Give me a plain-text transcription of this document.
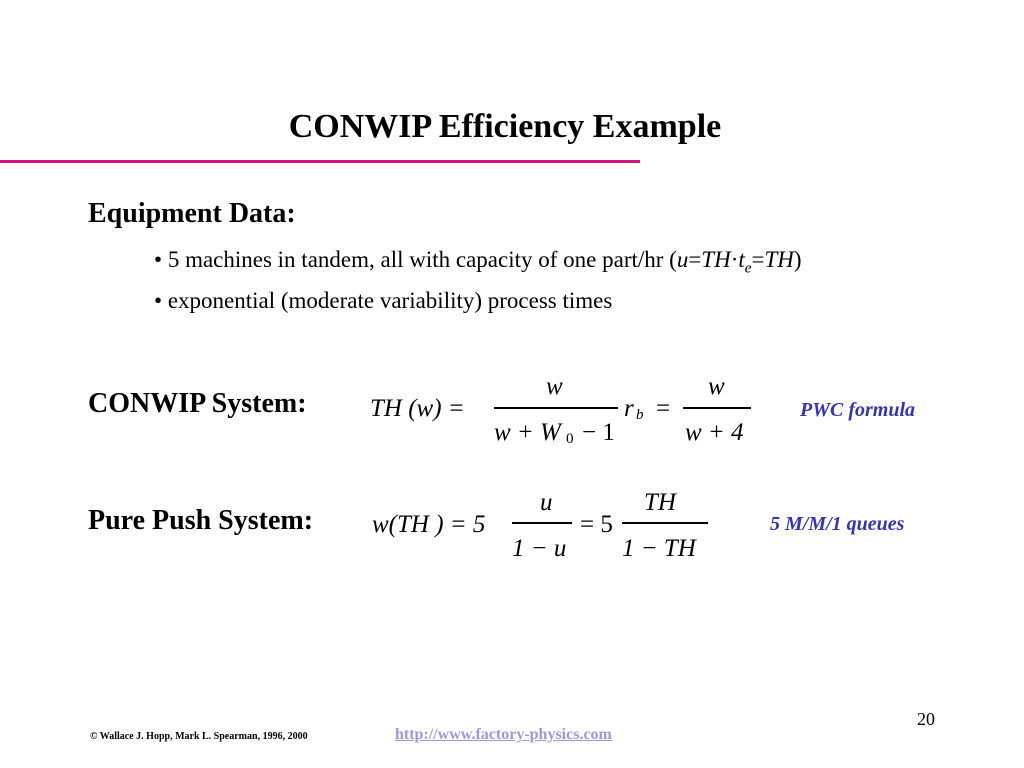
CONWIP Efficiency Example
Equipment Data:
• 5 machines in tandem, all with capacity of one part/hr $(u=TH\cdot t_e=TH)$
• exponential (moderate variability) process times
CONWIP System:	TH (w) =
w
w + W 0 − 1
r b =
w
w + 4
PWC formula
Pure Push System: w(TH ) = 5
u
1 − u
= 5
TH
1 − TH
5 M/M/1 queues
20
© Wallace J. Hopp, Mark L. Spearman, 1996, 2000	http://www.factory-physics.com
